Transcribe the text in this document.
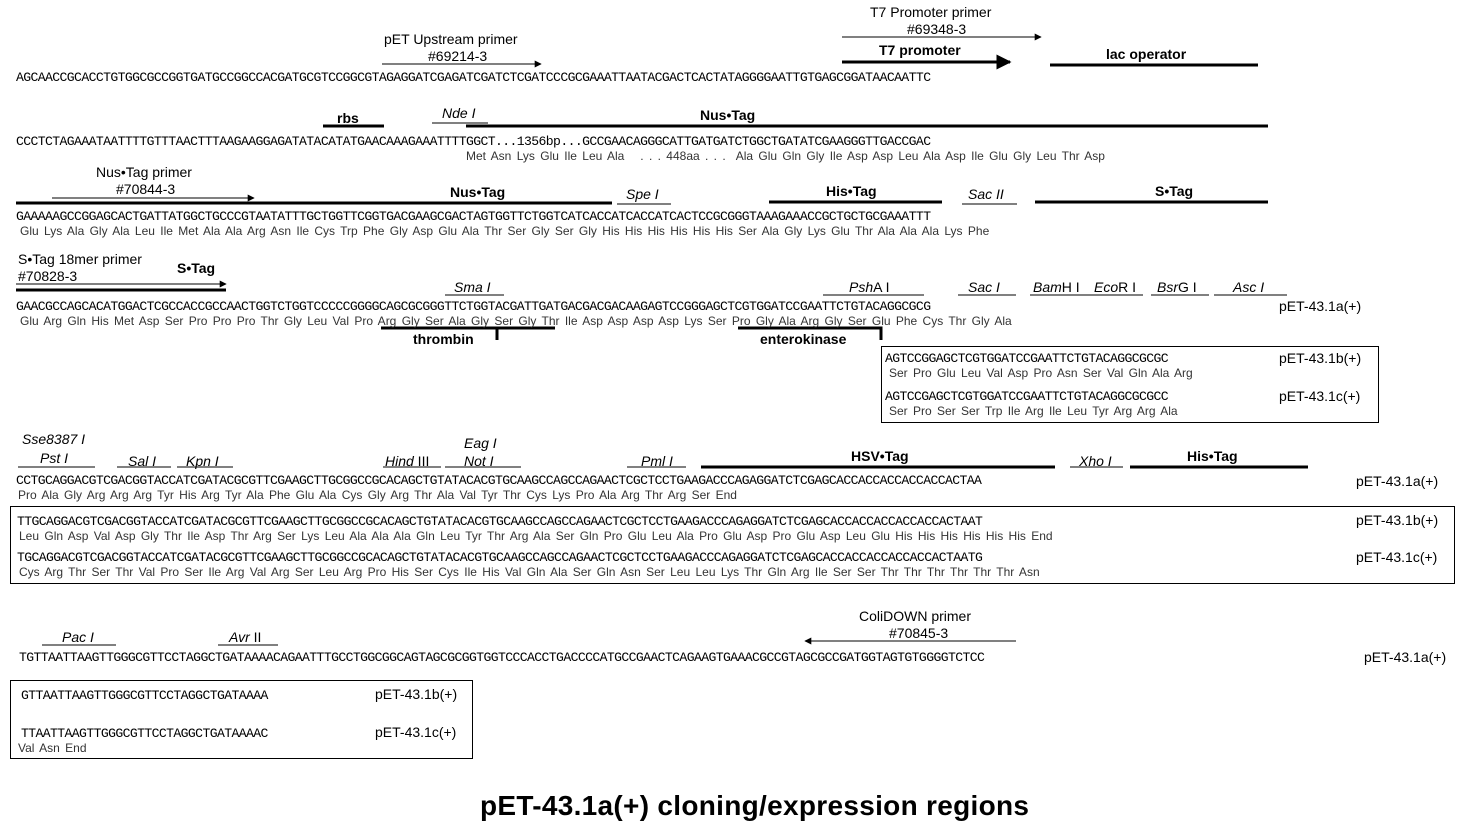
pET Upstream primer
#69214-3
T7 Promoter primer
#69348-3
T7 promoter	lac operator
AGCAACCGCACCTGTGGCGCCGGTGATGCCGGCCACGATGCGTCCGGCGTAGAGGATCGAGATCGATCTCGATCCCGCGAAATTAATACGACTCACTATAGGGGAATTGTGAGCGGATAACAATTC
rbs	Nde I	Nus•Tag
CCCTCTAGAAATAATTTTGTTTAACTTTAAGAAGGAGATATACATATGAACAAAGAAATTTTGGCT...1356bp...GCCGAACAGGGCATTGATGATCTGGCTGATATCGAAGGGTTGACCGAC
Met Asn Lys Glu Ile Leu Ala   . . . 448aa . . .  Ala Glu Gln Gly Ile Asp Asp Leu Ala Asp Ile Glu Gly Leu Thr Asp
Nus•Tag primer
#70844-3	Nus•Tag	Spe I	His•Tag	Sac II	S•Tag
GAAAAAGCCGGAGCACTGATTATGGCTGCCCGTAATATTTGCTGGTTCGGTGACGAAGCGACTAGTGGTTCTGGTCATCACCATCACCATCACTCCGCGGGTAAAGAAACCGCTGCTGCGAAATTT
Glu Lys Ala Gly Ala Leu Ile Met Ala Ala Arg Asn Ile Cys Trp Phe Gly Asp Glu Ala Thr Ser Gly Ser Gly His His His His His His Ser Ala Gly Lys Glu Thr Ala Ala Ala Lys Phe
S•Tag 18mer primer
#70828-3	S•Tag
Sma I	PshA I	Sac I BamH I EcoR I BsrG I	Asc I
GAACGCCAGCACATGGACTCGCCACCGCCAACTGGTCTGGTCCCCCGGGGCAGCGCGGGTTCTGGTACGATTGATGACGACGACAAGAGTCCGGGAGCTCGTGGATCCGAATTCTGTACAGGCGCG	pET-43.1a(+)
Glu Arg Gln His Met Asp Ser Pro Pro Pro Thr Gly Leu Val Pro Arg Gly Ser Ala Gly Ser Gly Thr Ile Asp Asp Asp Asp Lys Ser Pro Gly Ala Arg Gly Ser Glu Phe Cys Thr Gly Ala
thrombin	enterokinase
AGTCCGGAGCTCGTGGATCCGAATTCTGTACAGGCGCGC	pET-43.1b(+)
Ser Pro Glu Leu Val Asp Pro Asn Ser Val Gln Ala Arg
AGTCCGAGCTCGTGGATCCGAATTCTGTACAGGCGCGCC	pET-43.1c(+)
Ser Pro Ser Ser Trp Ile Arg Ile Leu Tyr Arg Arg Ala
Sse8387 I
Pst I	Sal I Kpn I	Hind III
Eag I
Not I	Pml I	HSV•Tag	Xho I	His•Tag
CCTGCAGGACGTCGACGGTACCATCGATACGCGTTCGAAGCTTGCGGCCGCACAGCTGTATACACGTGCAAGCCAGCCAGAACTCGCTCCTGAAGACCCAGAGGATCTCGAGCACCACCACCACCACCACTAA	pET-43.1a(+)
Pro Ala Gly Arg Arg Arg Tyr His Arg Tyr Ala Phe Glu Ala Cys Gly Arg Thr Ala Val Tyr Thr Cys Lys Pro Ala Arg Thr Arg Ser End
TTGCAGGACGTCGACGGTACCATCGATACGCGTTCGAAGCTTGCGGCCGCACAGCTGTATACACGTGCAAGCCAGCCAGAACTCGCTCCTGAAGACCCAGAGGATCTCGAGCACCACCACCACCACCACTAAT	pET-43.1b(+)
Leu Gln Asp Val Asp Gly Thr Ile Asp Thr Arg Ser Lys Leu Ala Ala Ala Gln Leu Tyr Thr Arg Ala Ser Gln Pro Glu Leu Ala Pro Glu Asp Pro Glu Asp Leu Glu His His His His His His End
TGCAGGACGTCGACGGTACCATCGATACGCGTTCGAAGCTTGCGGCCGCACAGCTGTATACACGTGCAAGCCAGCCAGAACTCGCTCCTGAAGACCCAGAGGATCTCGAGCACCACCACCACCACCACTAATG	pET-43.1c(+)
Cys Arg Thr Ser Thr Val Pro Ser Ile Arg Val Arg Ser Leu Arg Pro His Ser Cys Ile His Val Gln Ala Ser Gln Asn Ser Leu Leu Lys Thr Gln Arg Ile Ser Ser Thr Thr Thr Thr Thr Thr Asn
Pac I	Avr II
ColiDOWN primer
#70845-3
TGTTAATTAAGTTGGGCGTTCCTAGGCTGATAAAACAGAATTTGCCTGGCGGCAGTAGCGCGGTGGTCCCACCTGACCCCATGCCGAACTCAGAAGTGAAACGCCGTAGCGCCGATGGTAGTGTGGGGTCTCC	pET-43.1a(+)
GTTAATTAAGTTGGGCGTTCCTAGGCTGATAAAA	pET-43.1b(+)
TTAATTAAGTTGGGCGTTCCTAGGCTGATAAAAC	pET-43.1c(+)
Val Asn End
pET-43.1a(+) cloning/expression regions
